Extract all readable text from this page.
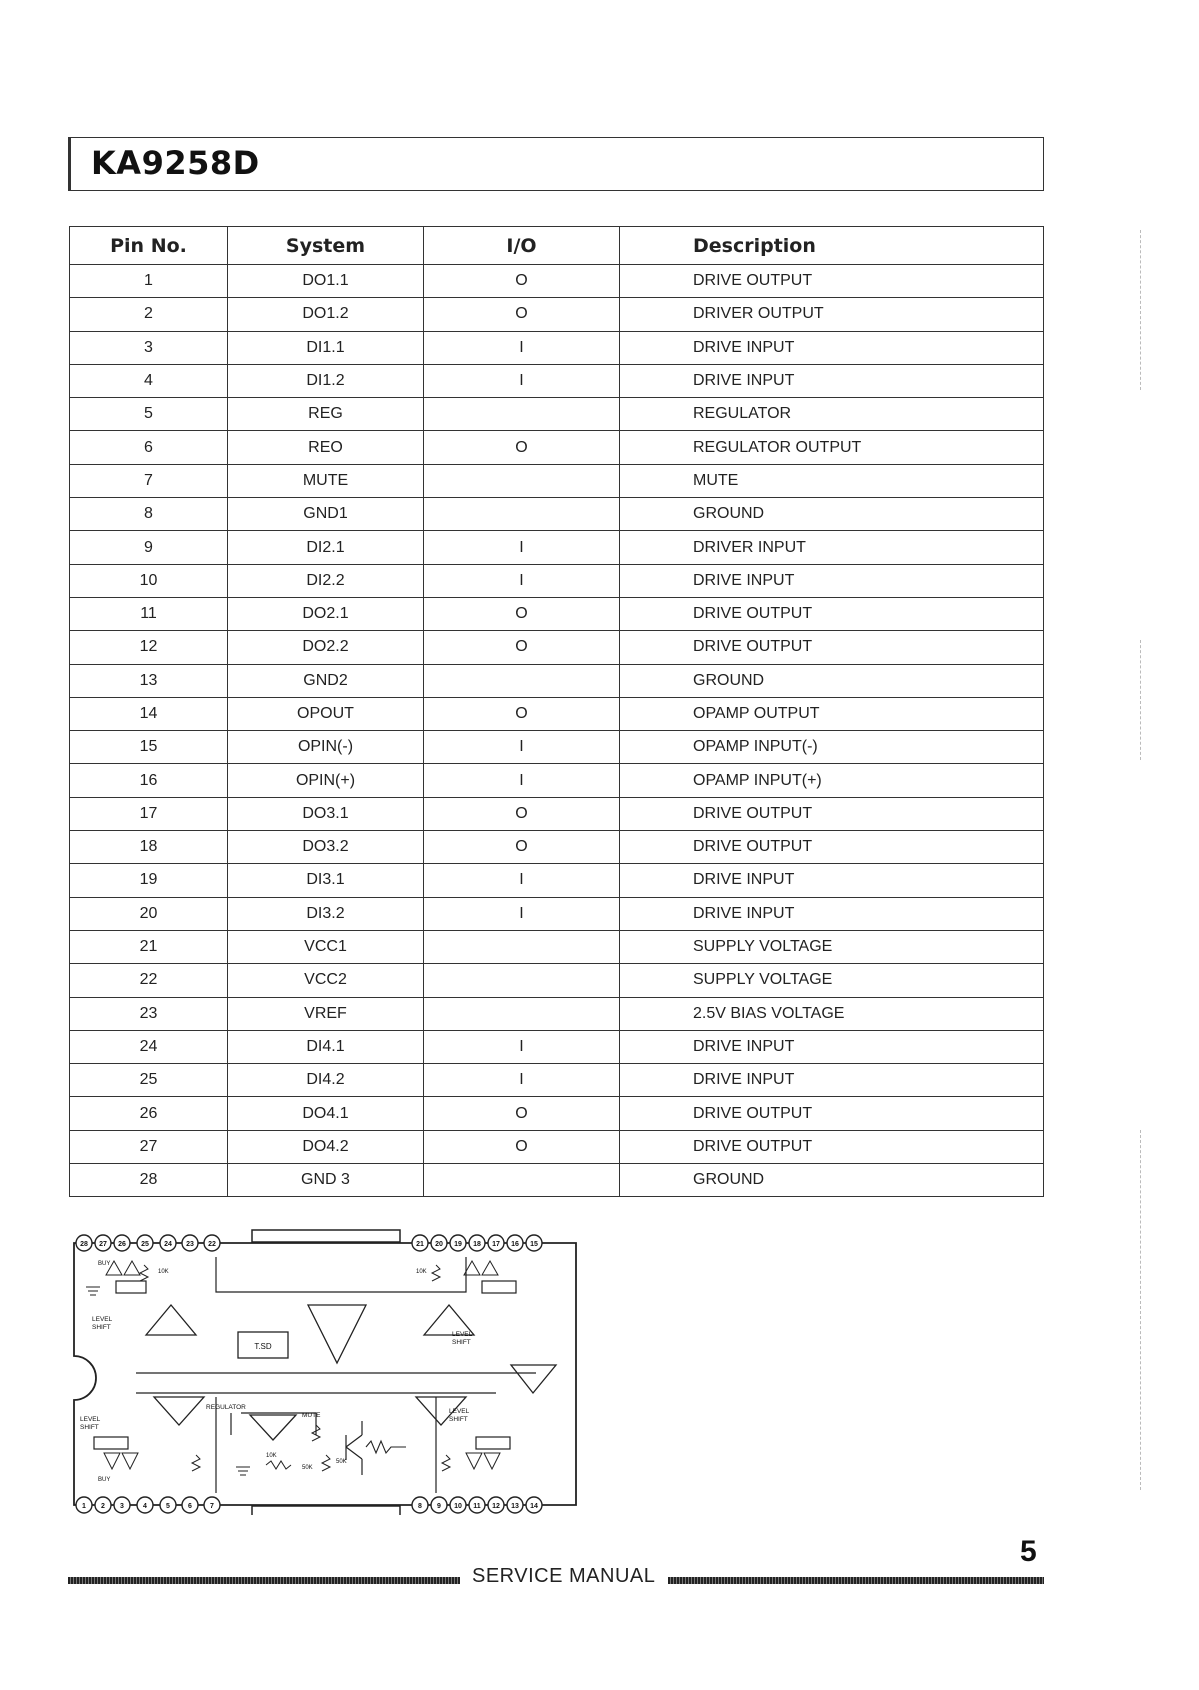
KA9258D
Pin No.	System	I/O	Description
1	DO1.1	O	DRIVE OUTPUT
2	DO1.2	O	DRIVER OUTPUT
3	DI1.1	I	DRIVE INPUT
4	DI1.2	I	DRIVE INPUT
5	REG		REGULATOR
6	REO	O	REGULATOR OUTPUT
7	MUTE		MUTE
8	GND1		GROUND
9	DI2.1	I	DRIVER INPUT
10	DI2.2	I	DRIVE INPUT
11	DO2.1	O	DRIVE OUTPUT
12	DO2.2	O	DRIVE OUTPUT
13	GND2		GROUND
14	OPOUT	O	OPAMP OUTPUT
15	OPIN(-)	I	OPAMP INPUT(-)
16	OPIN(+)	I	OPAMP INPUT(+)
17	DO3.1	O	DRIVE OUTPUT
18	DO3.2	O	DRIVE OUTPUT
19	DI3.1	I	DRIVE INPUT
20	DI3.2	I	DRIVE INPUT
21	VCC1		SUPPLY VOLTAGE
22	VCC2		SUPPLY VOLTAGE
23	VREF		2.5V BIAS VOLTAGE
24	DI4.1	I	DRIVE INPUT
25	DI4.2	I	DRIVE INPUT
26	DO4.1	O	DRIVE OUTPUT
27	DO4.2	O	DRIVE OUTPUT
28	GND 3		GROUND
T.SD
LEVEL
SHIFT
LEVEL
SHIFT
LEVEL
SHIFT
LEVEL
SHIFT
REGULATOR
MUTE
10K	10K
10K
50K
50K
BUY
BUY
28 27 26 25 24 23 22	21 20 19 18 17 16 15
1 2 3	4	5	6	7	8 9 10 11 12 13 14
SERVICE MANUAL
5
